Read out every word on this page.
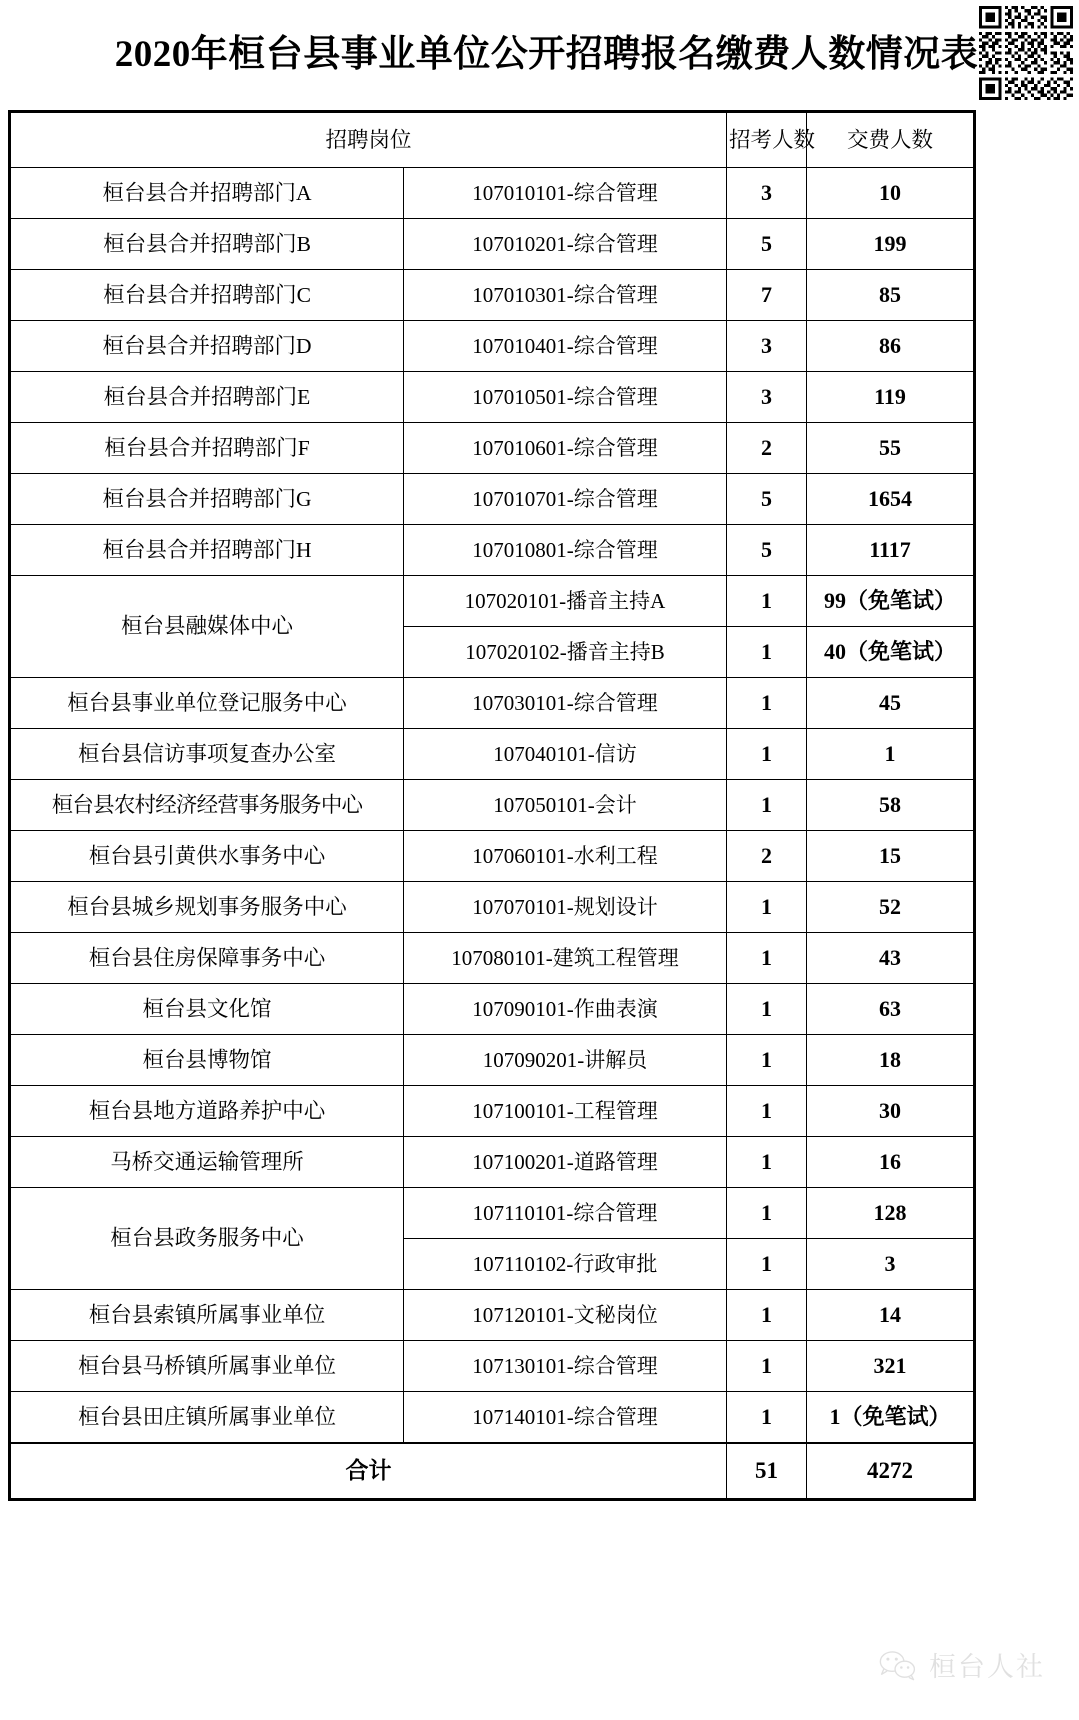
2020年桓台县事业单位公开招聘报名缴费人数情况表
招聘岗位		招考人数	交费人数
桓台县合并招聘部门A	107010101-综合管理	3	10
桓台县合并招聘部门B	107010201-综合管理	5	199
桓台县合并招聘部门C	107010301-综合管理	7	85
桓台县合并招聘部门D	107010401-综合管理	3	86
桓台县合并招聘部门E	107010501-综合管理	3	119
桓台县合并招聘部门F	107010601-综合管理	2	55
桓台县合并招聘部门G	107010701-综合管理	5	1654
桓台县合并招聘部门H	107010801-综合管理	5	1117
桓台县融媒体中心	107020101-播音主持A	1	99（免笔试）
	107020102-播音主持B	1	40（免笔试）
桓台县事业单位登记服务中心	107030101-综合管理	1	45
桓台县信访事项复查办公室	107040101-信访	1	1
桓台县农村经济经营事务服务中心	107050101-会计	1	58
桓台县引黄供水事务中心	107060101-水利工程	2	15
桓台县城乡规划事务服务中心	107070101-规划设计	1	52
桓台县住房保障事务中心	107080101-建筑工程管理	1	43
桓台县文化馆	107090101-作曲表演	1	63
桓台县博物馆	107090201-讲解员	1	18
桓台县地方道路养护中心	107100101-工程管理	1	30
马桥交通运输管理所	107100201-道路管理	1	16
桓台县政务服务中心	107110101-综合管理	1	128
	107110102-行政审批	1	3
桓台县索镇所属事业单位	107120101-文秘岗位	1	14
桓台县马桥镇所属事业单位	107130101-综合管理	1	321
桓台县田庄镇所属事业单位	107140101-综合管理	1	1（免笔试）
合计		51	4272
桓台人社
